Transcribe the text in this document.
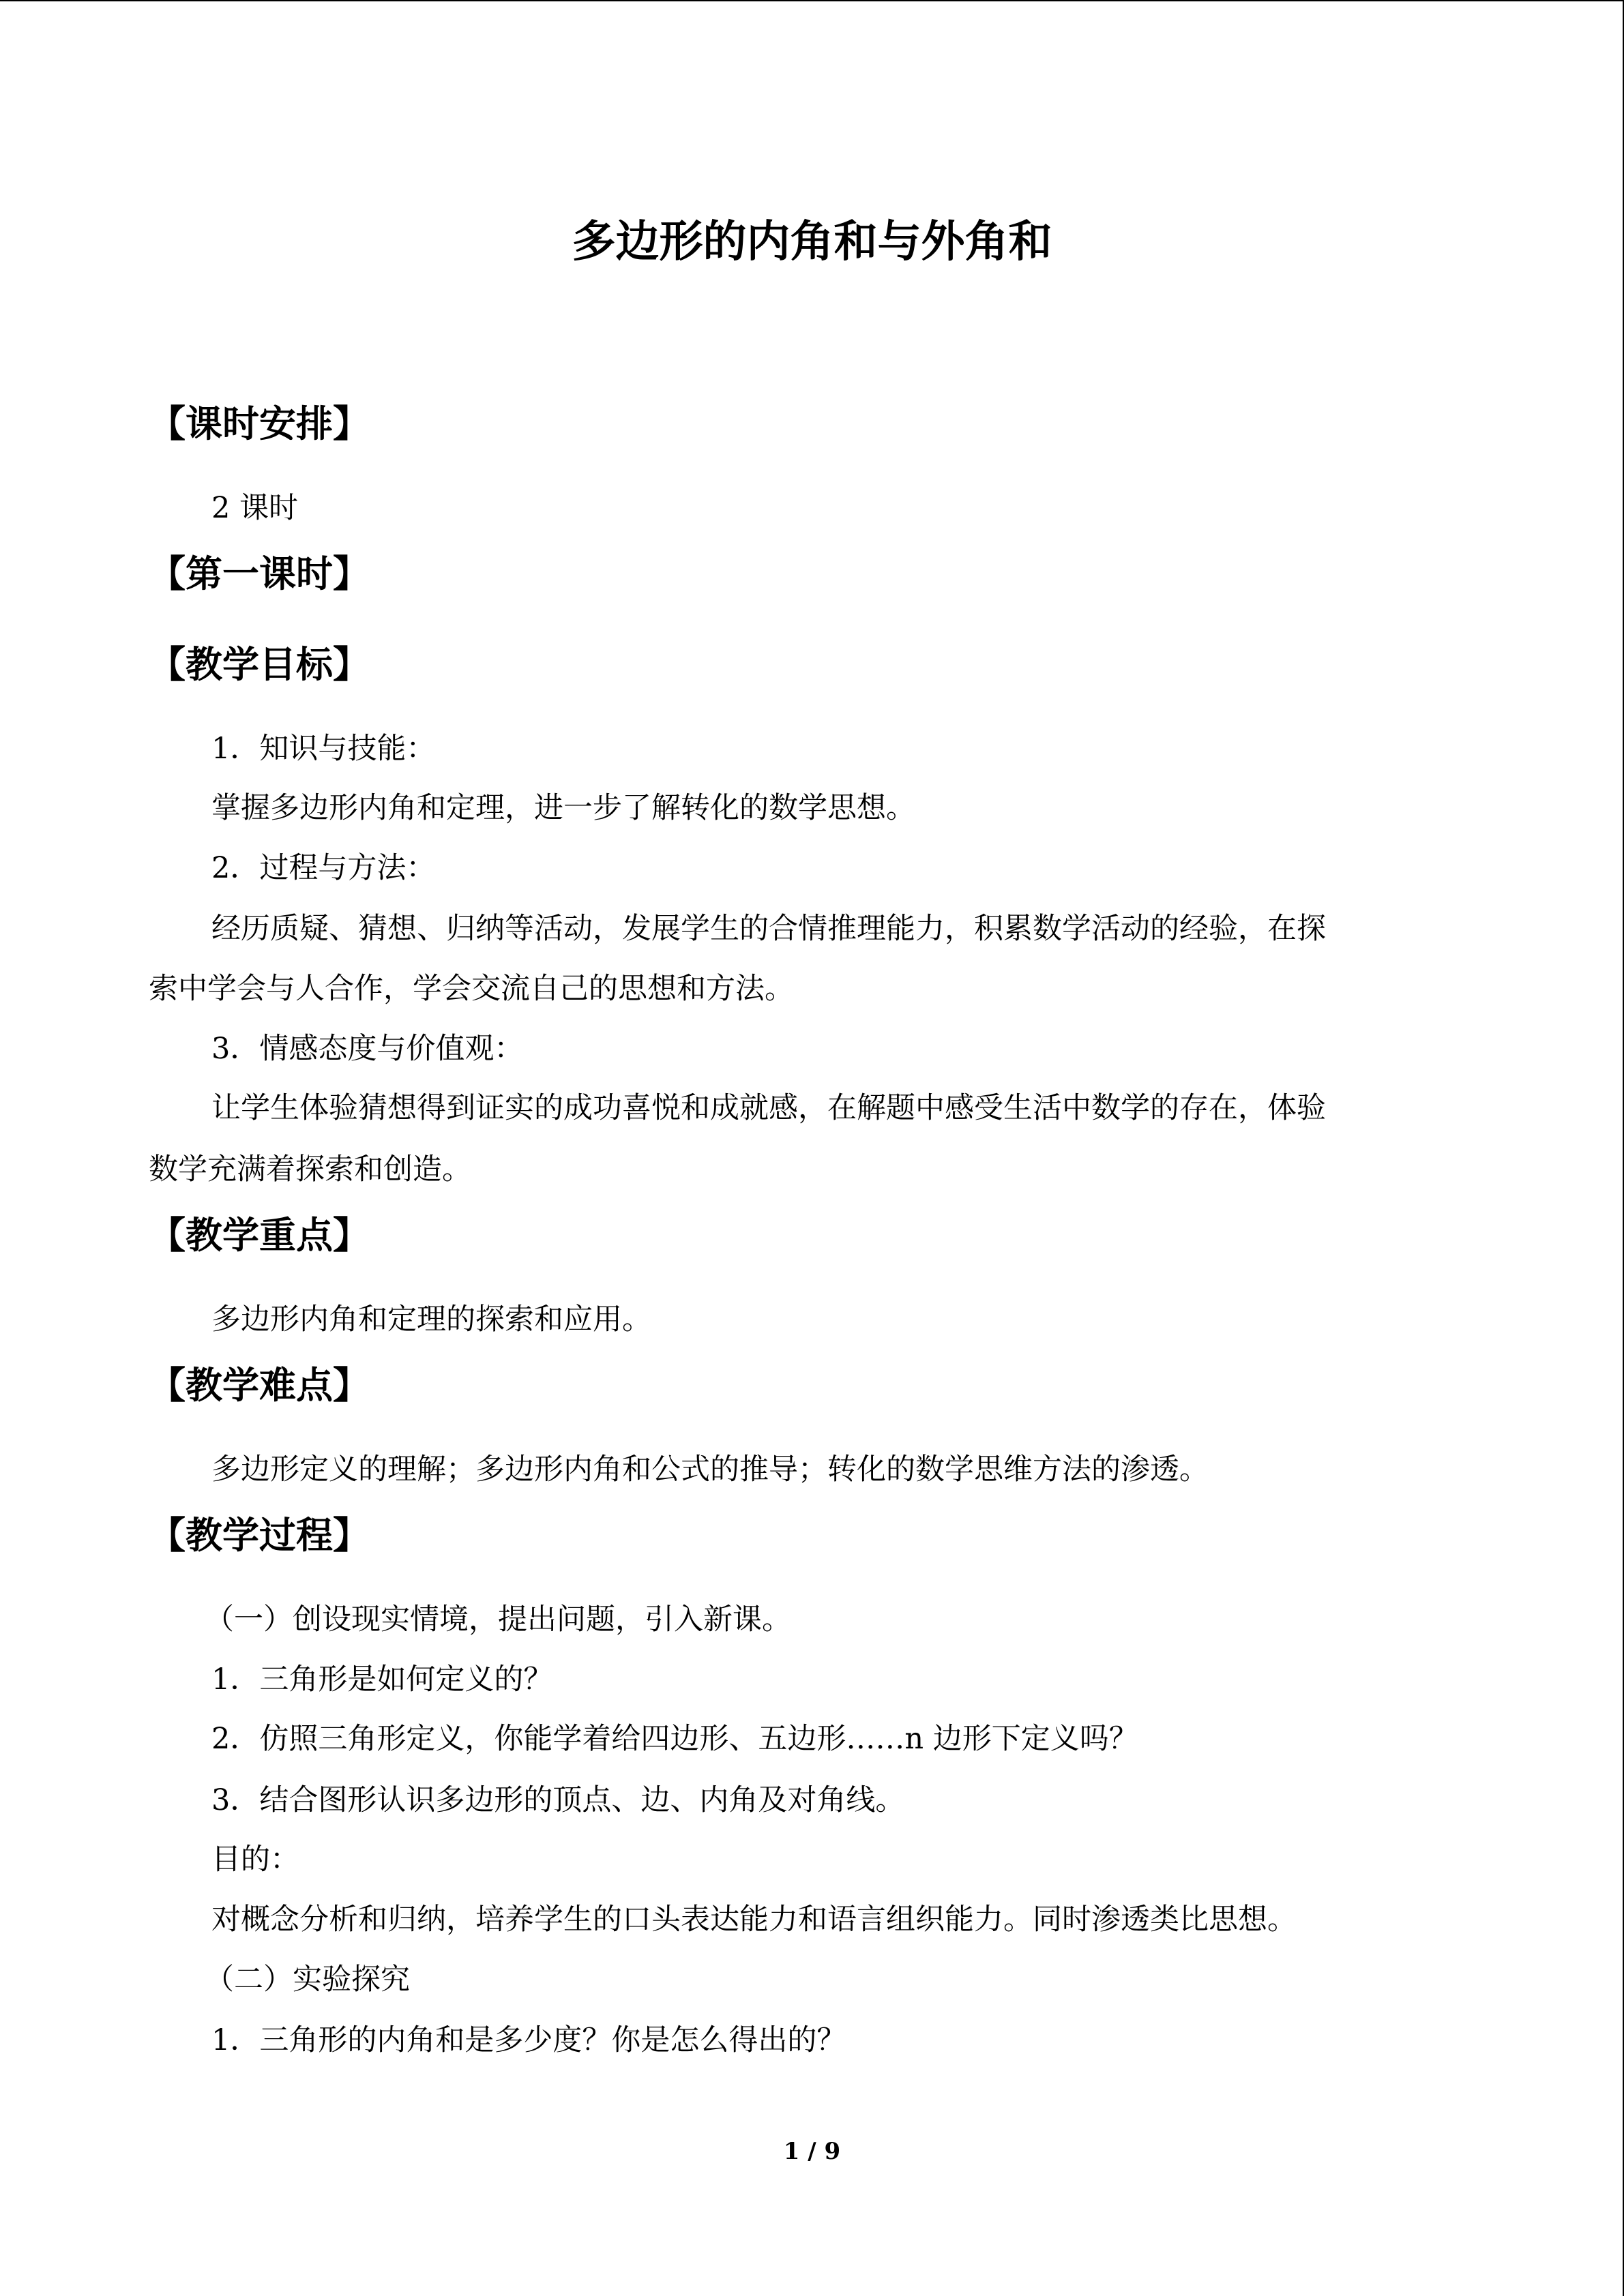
多边形的内角和与外角和
【课时安排】
2 课时
【第一课时】
【教学目标】
1．知识与技能：
掌握多边形内角和定理，进一步了解转化的数学思想。
2．过程与方法：
经历质疑、猜想、归纳等活动，发展学生的合情推理能力，积累数学活动的经验，在探
索中学会与人合作，学会交流自己的思想和方法。
3．情感态度与价值观：
让学生体验猜想得到证实的成功喜悦和成就感，在解题中感受生活中数学的存在，体验
数学充满着探索和创造。
【教学重点】
多边形内角和定理的探索和应用。
【教学难点】
多边形定义的理解；多边形内角和公式的推导；转化的数学思维方法的渗透。
【教学过程】
（一）创设现实情境，提出问题，引入新课。
1．三角形是如何定义的？
2．仿照三角形定义，你能学着给四边形、五边形……n 边形下定义吗？
3．结合图形认识多边形的顶点、边、内角及对角线。
目的：
对概念分析和归纳，培养学生的口头表达能力和语言组织能力。同时渗透类比思想。
（二）实验探究
1．三角形的内角和是多少度？你是怎么得出的？
1 / 9
